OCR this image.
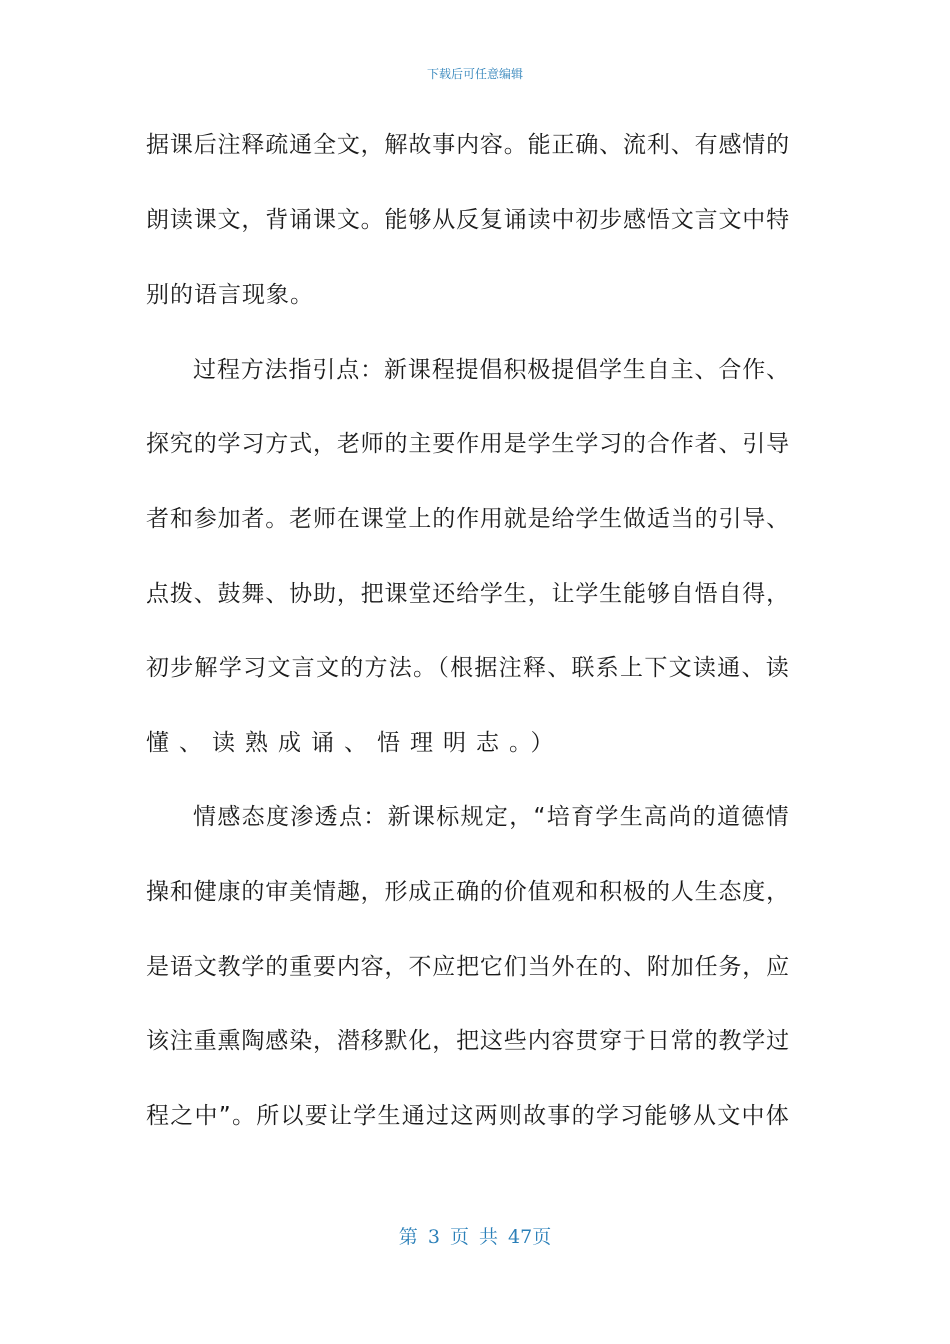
下载后可任意编辑
据课后注释疏通全文，解故事内容。能正确、流利、有感情的
朗读课文，背诵课文。能够从反复诵读中初步感悟文言文中特
别的语言现象。
过程方法指引点：新课程提倡积极提倡学生自主、合作、
探究的学习方式，老师的主要作用是学生学习的合作者、引导
者和参加者。老师在课堂上的作用就是给学生做适当的引导、
点拨、鼓舞、协助，把课堂还给学生，让学生能够自悟自得，
初步解学习文言文的方法。（根据注释、联系上下文读通、读
懂、读熟成诵、悟理明志。）
情感态度渗透点：新课标规定，“培育学生高尚的道德情
操和健康的审美情趣，形成正确的价值观和积极的人生态度，
是语文教学的重要内容，不应把它们当外在的、附加任务，应
该注重熏陶感染，潜移默化，把这些内容贯穿于日常的教学过
程之中”。所以要让学生通过这两则故事的学习能够从文中体
第 3 页 共 47页
